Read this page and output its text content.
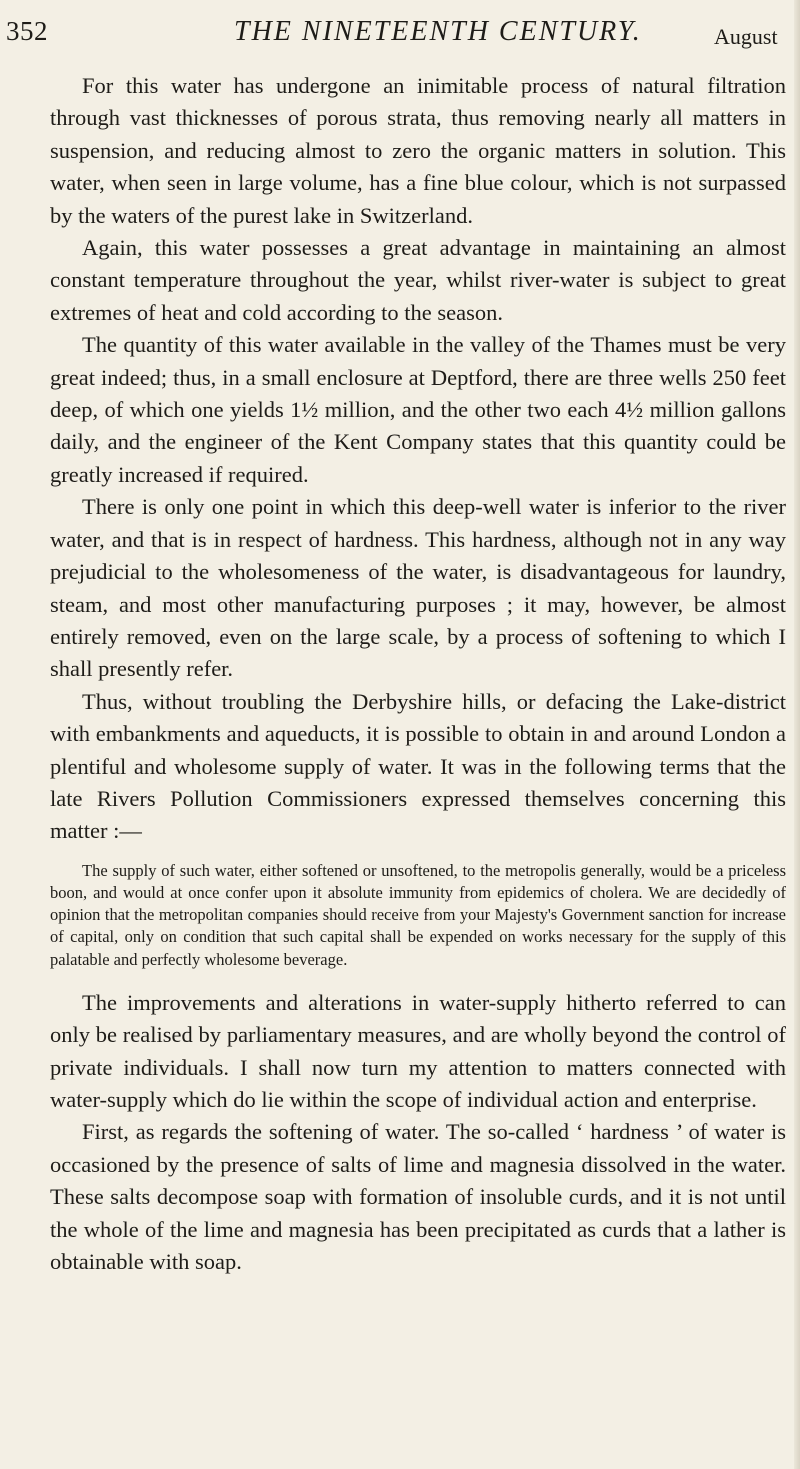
352	THE NINETEENTH CENTURY.	August

For this water has undergone an inimitable process of natural filtration through vast thicknesses of porous strata, thus removing nearly all matters in suspension, and reducing almost to zero the organic matters in solution. This water, when seen in large volume, has a fine blue colour, which is not surpassed by the waters of the purest lake in Switzerland.

Again, this water possesses a great advantage in maintaining an almost constant temperature throughout the year, whilst river-water is subject to great extremes of heat and cold according to the season.

The quantity of this water available in the valley of the Thames must be very great indeed; thus, in a small enclosure at Deptford, there are three wells 250 feet deep, of which one yields 1½ million, and the other two each 4½ million gallons daily, and the engineer of the Kent Company states that this quantity could be greatly increased if required.

There is only one point in which this deep-well water is inferior to the river water, and that is in respect of hardness. This hardness, although not in any way prejudicial to the wholesomeness of the water, is disadvantageous for laundry, steam, and most other manufacturing purposes ; it may, however, be almost entirely removed, even on the large scale, by a process of softening to which I shall presently refer.

Thus, without troubling the Derbyshire hills, or defacing the Lake-district with embankments and aqueducts, it is possible to obtain in and around London a plentiful and wholesome supply of water. It was in the following terms that the late Rivers Pollution Commissioners expressed themselves concerning this matter :—

The supply of such water, either softened or unsoftened, to the metropolis generally, would be a priceless boon, and would at once confer upon it absolute immunity from epidemics of cholera. We are decidedly of opinion that the metropolitan companies should receive from your Majesty's Government sanction for increase of capital, only on condition that such capital shall be expended on works necessary for the supply of this palatable and perfectly wholesome beverage.

The improvements and alterations in water-supply hitherto referred to can only be realised by parliamentary measures, and are wholly beyond the control of private individuals. I shall now turn my attention to matters connected with water-supply which do lie within the scope of individual action and enterprise.

First, as regards the softening of water. The so-called ‘ hardness ’ of water is occasioned by the presence of salts of lime and magnesia dissolved in the water. These salts decompose soap with formation of insoluble curds, and it is not until the whole of the lime and magnesia has been precipitated as curds that a lather is obtainable with soap.
